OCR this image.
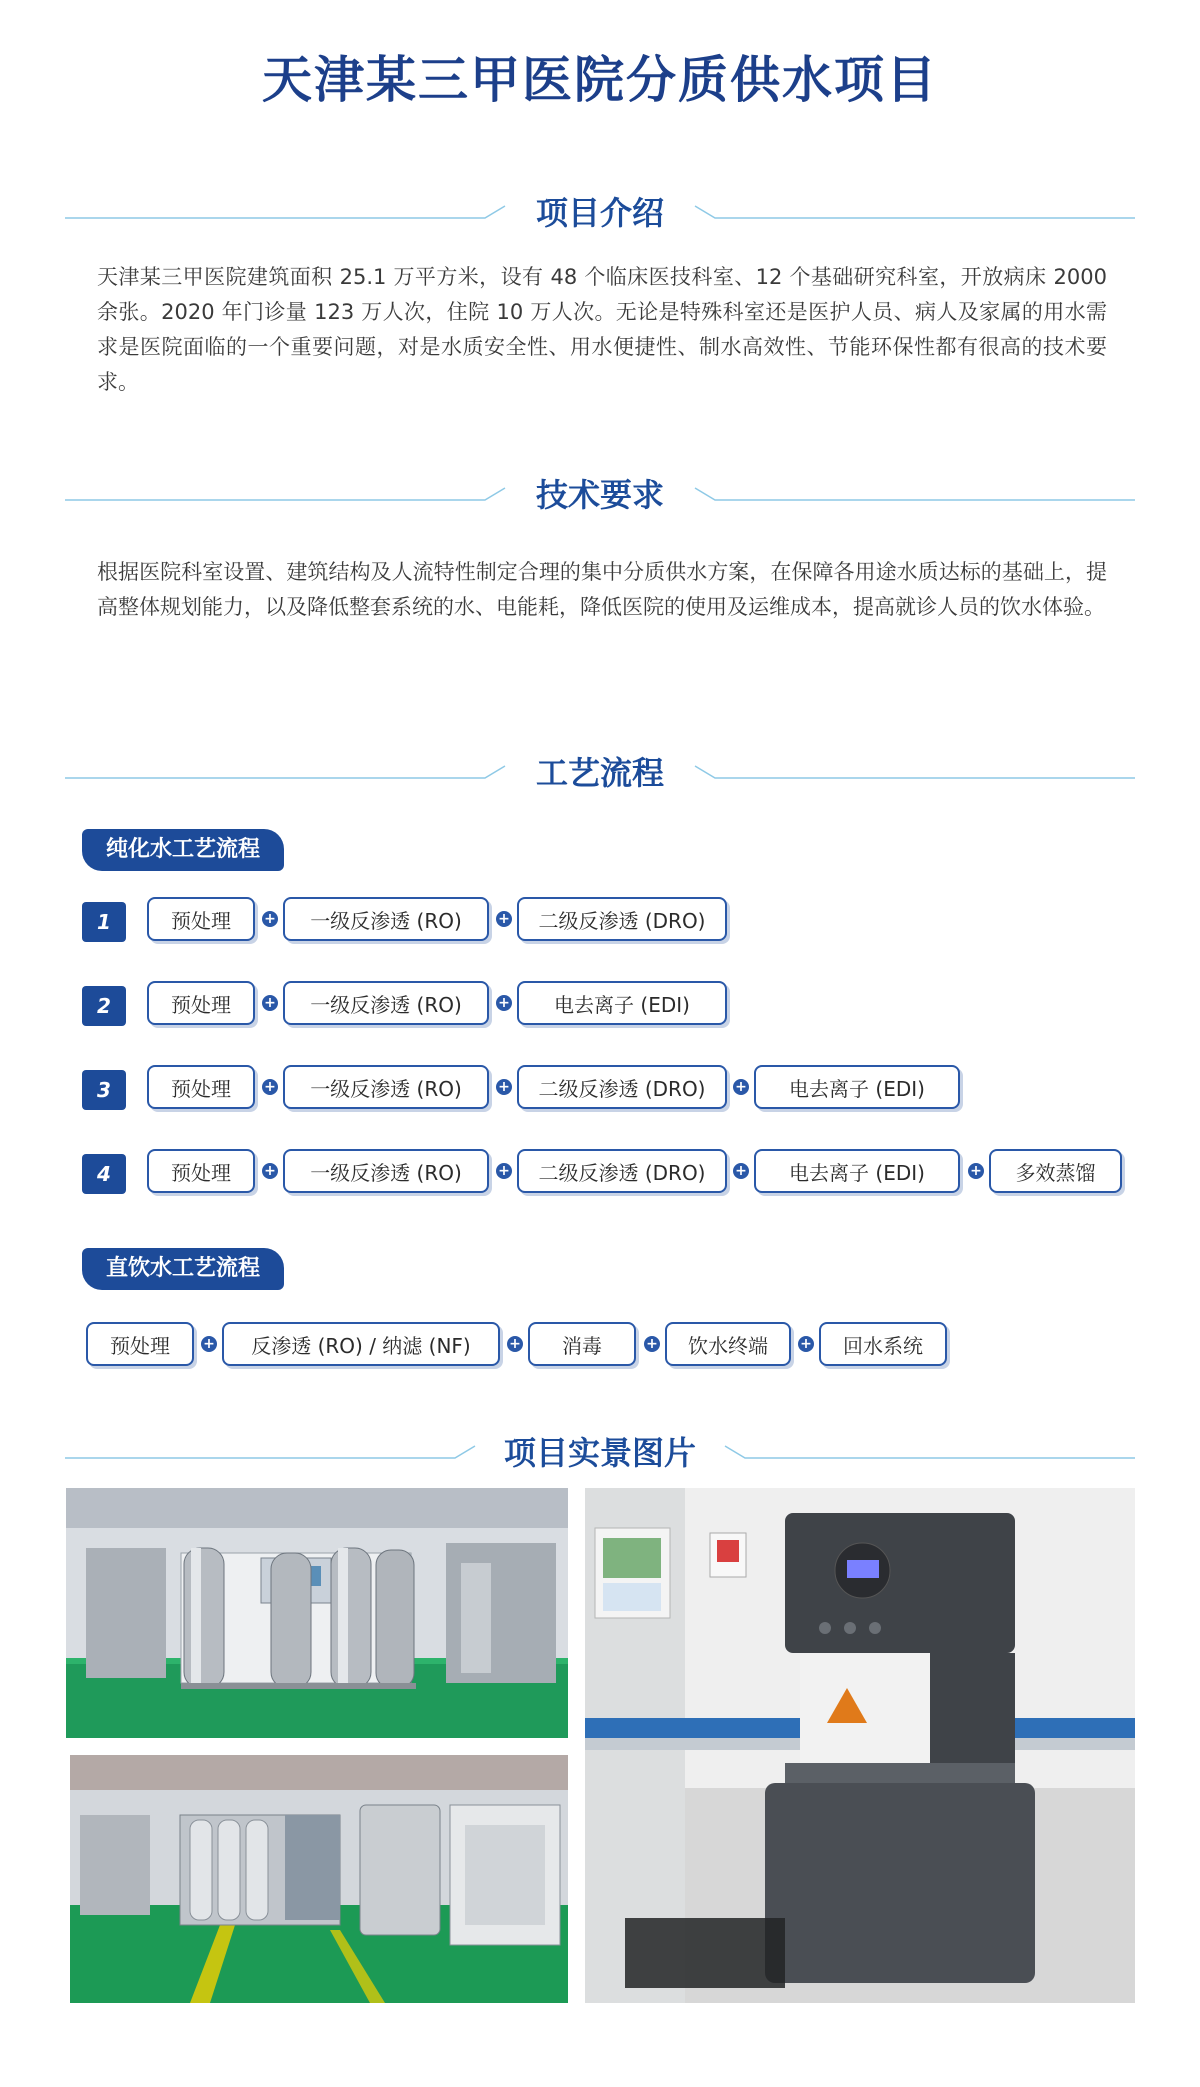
天津某三甲医院分质供水项目
项目介绍
天津某三甲医院建筑面积 25.1 万平方米，设有 48 个临床医技科室、12 个基础研究科室，开放病床 2000 余张。2020 年门诊量 123 万人次，住院 10 万人次。无论是特殊科室还是医护人员、病人及家属的用水需求是医院面临的一个重要问题，对是水质安全性、用水便捷性、制水高效性、节能环保性都有很高的技术要求。
技术要求
根据医院科室设置、建筑结构及人流特性制定合理的集中分质供水方案，在保障各用途水质达标的基础上，提高整体规划能力，以及降低整套系统的水、电能耗，降低医院的使用及运维成本，提高就诊人员的饮水体验。
工艺流程
纯化水工艺流程
1	预处理	+	一级反渗透 (RO)	+	二级反渗透 (DRO)
2	预处理	+	一级反渗透 (RO)	+	电去离子 (EDI)
3	预处理	+	一级反渗透 (RO)	+	二级反渗透 (DRO)	+	电去离子 (EDI)
4	预处理	+	一级反渗透 (RO)	+	二级反渗透 (DRO)	+	电去离子 (EDI)	+	多效蒸馏
直饮水工艺流程
预处理	+	反渗透 (RO) / 纳滤 (NF)	+	消毒	+	饮水终端	+	回水系统
项目实景图片
